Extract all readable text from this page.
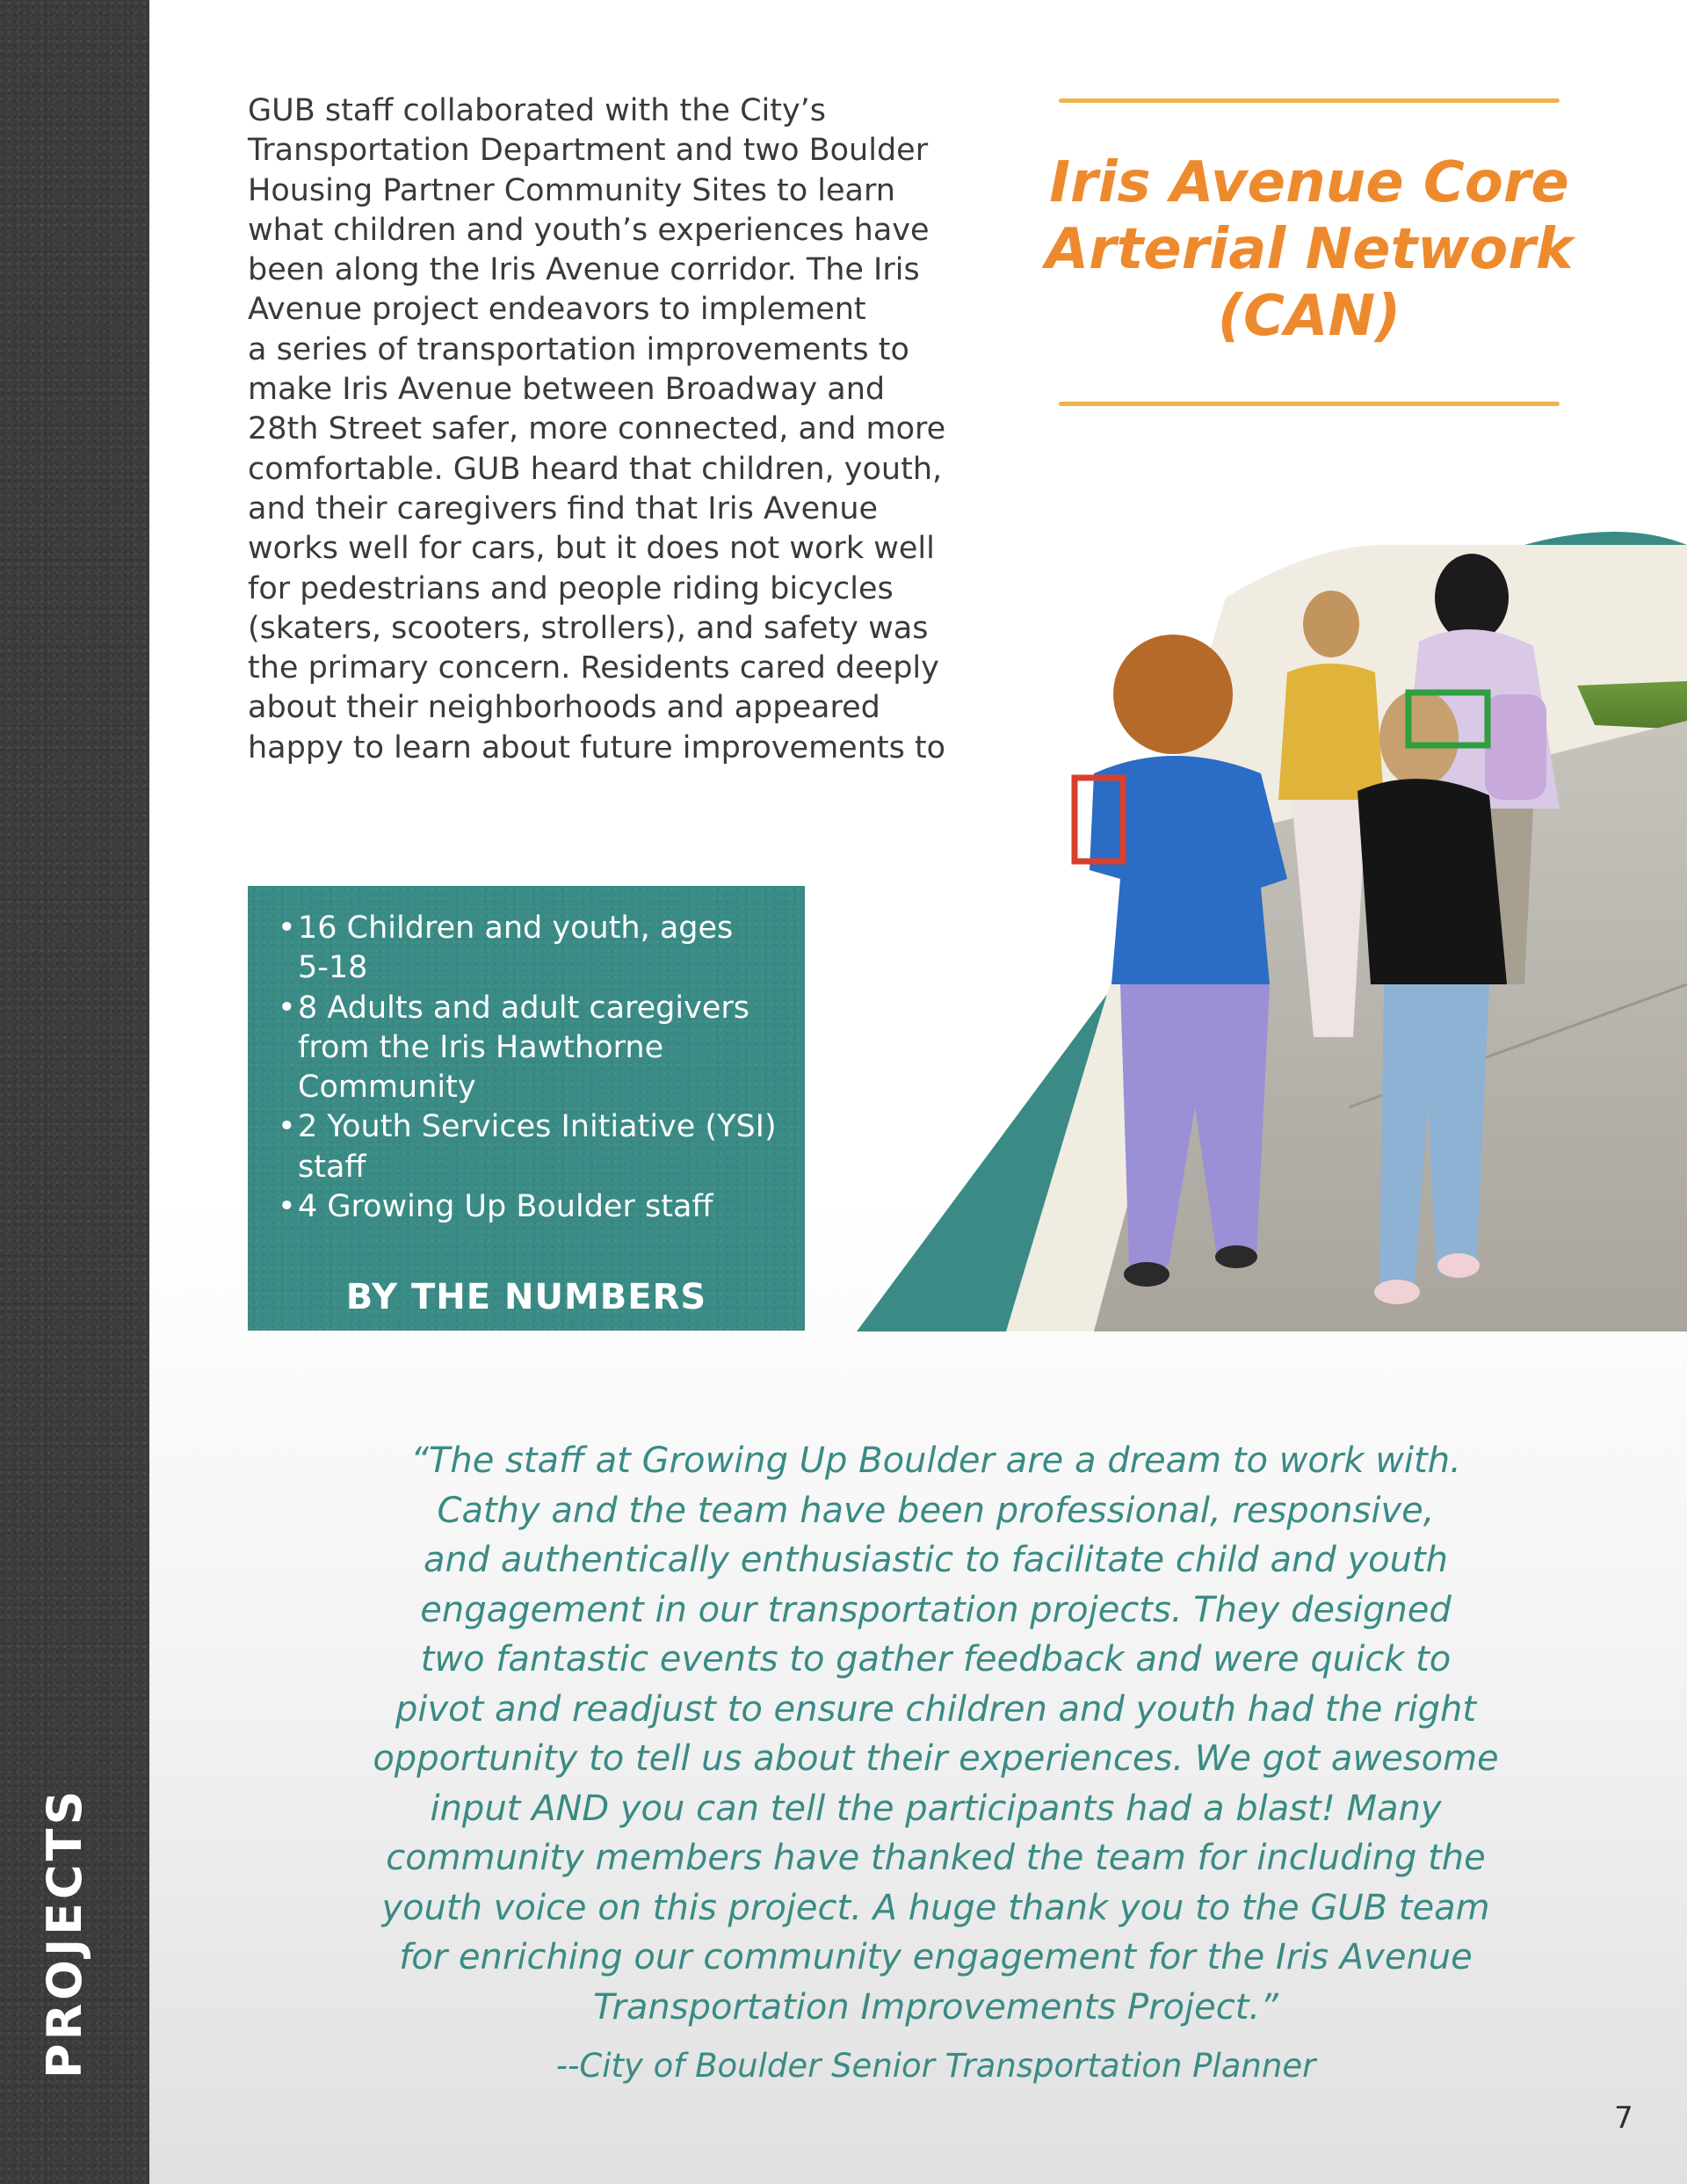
PROJECTS
GUB staff collaborated with the City’s
Transportation Department and two Boulder
Housing Partner Community Sites to learn
what children and youth’s experiences have
been along the Iris Avenue corridor. The Iris
Avenue project endeavors to implement
a series of transportation improvements to
make Iris Avenue between Broadway and
28th Street safer, more connected, and more
comfortable. GUB heard that children, youth,
and their caregivers find that Iris Avenue
works well for cars, but it does not work well
for pedestrians and people riding bicycles
(skaters, scooters, strollers), and safety was
the primary concern. Residents cared deeply
about their neighborhoods and appeared
happy to learn about future improvements to
Iris Avenue Core
Arterial Network
(CAN)
• 16 Children and youth, ages
5-18
• 8 Adults and adult caregivers
from the Iris Hawthorne
Community
• 2 Youth Services Initiative (YSI)
staff
• 4 Growing Up Boulder staff
BY THE NUMBERS
“The staff at Growing Up Boulder are a dream to work with.
Cathy and the team have been professional, responsive,
and authentically enthusiastic to facilitate child and youth
engagement in our transportation projects. They designed
two fantastic events to gather feedback and were quick to
pivot and readjust to ensure children and youth had the right
opportunity to tell us about their experiences. We got awesome
input AND you can tell the participants had a blast! Many
community members have thanked the team for including the
youth voice on this project. A huge thank you to the GUB team
for enriching our community engagement for the Iris Avenue
Transportation Improvements Project.”
--City of Boulder Senior Transportation Planner
7
